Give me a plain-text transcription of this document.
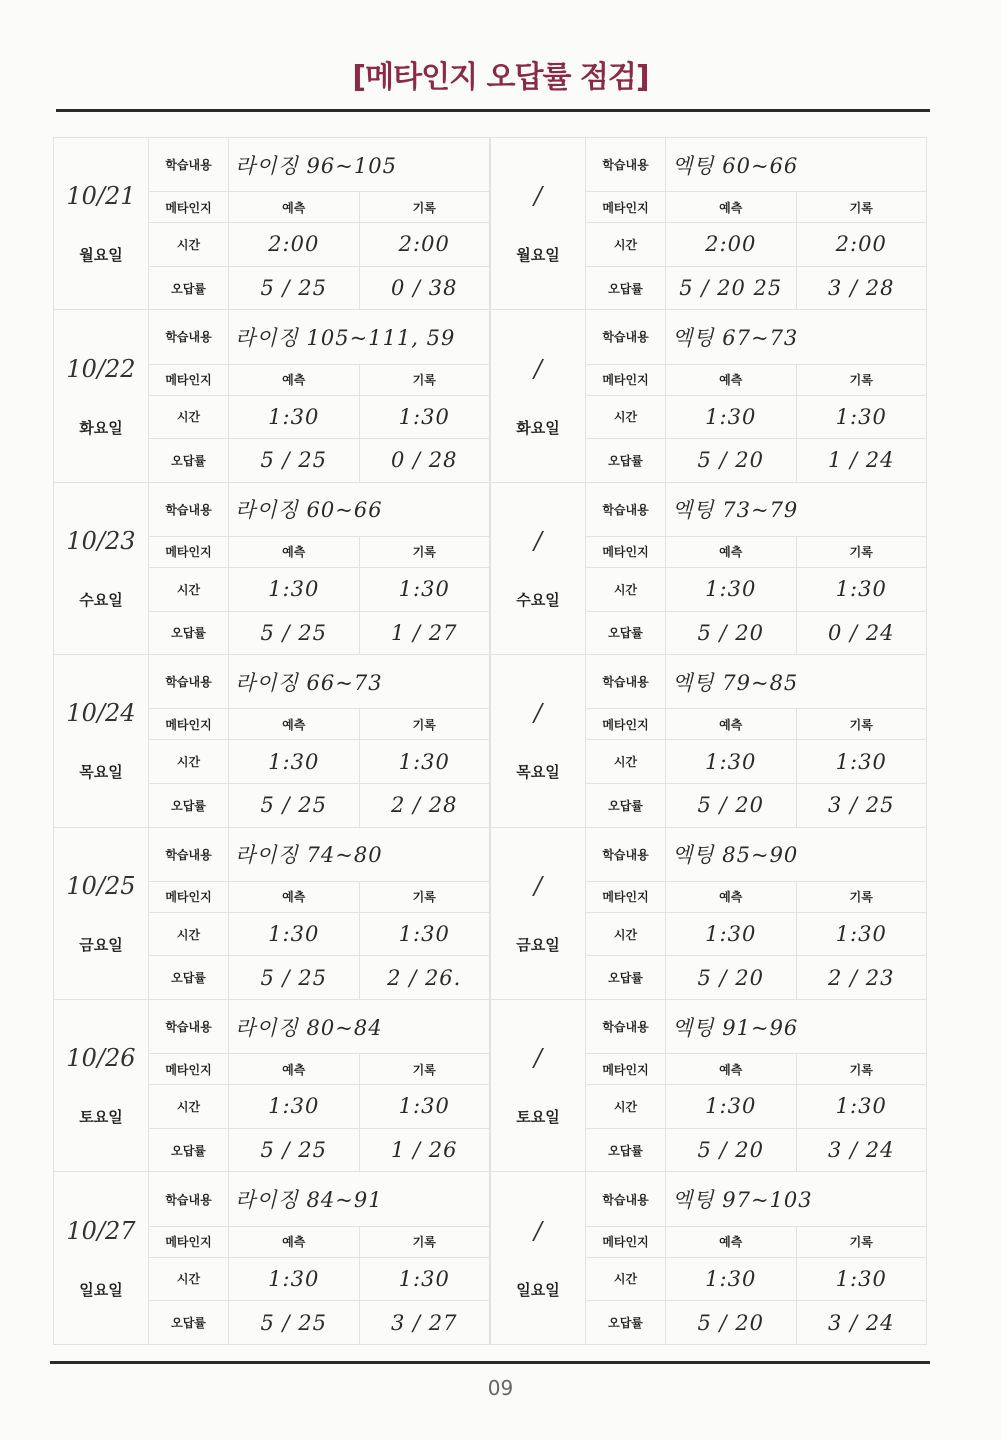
[메타인지 오답률 점검]
10/21
월요일	학습내용	라이징 96~105	
	메타인지	예측	기록
	시간	2:00	2:00
	오답률	5 / 25	0 / 38

10/22
화요일	학습내용	라이징 105~111, 59	
	메타인지	예측	기록
	시간	1:30	1:30
	오답률	5 / 25	0 / 28

10/23
수요일	학습내용	라이징 60~66	
	메타인지	예측	기록
	시간	1:30	1:30
	오답률	5 / 25	1 / 27

10/24
목요일	학습내용	라이징 66~73	
	메타인지	예측	기록
	시간	1:30	1:30
	오답률	5 / 25	2 / 28

10/25
금요일	학습내용	라이징 74~80	
	메타인지	예측	기록
	시간	1:30	1:30
	오답률	5 / 25	2 / 26.

10/26
토요일	학습내용	라이징 80~84	
	메타인지	예측	기록
	시간	1:30	1:30
	오답률	5 / 25	1 / 26

10/27
일요일	학습내용	라이징 84~91	
	메타인지	예측	기록
	시간	1:30	1:30
	오답률	5 / 25	3 / 27
/
월요일	학습내용	엑팅 60~66	
	메타인지	예측	기록
	시간	2:00	2:00
	오답률	5 / 20 25	3 / 28

/
화요일	학습내용	엑팅 67~73	
	메타인지	예측	기록
	시간	1:30	1:30
	오답률	5 / 20	1 / 24

/
수요일	학습내용	엑팅 73~79	
	메타인지	예측	기록
	시간	1:30	1:30
	오답률	5 / 20	0 / 24

/
목요일	학습내용	엑팅 79~85	
	메타인지	예측	기록
	시간	1:30	1:30
	오답률	5 / 20	3 / 25

/
금요일	학습내용	엑팅 85~90	
	메타인지	예측	기록
	시간	1:30	1:30
	오답률	5 / 20	2 / 23

/
토요일	학습내용	엑팅 91~96	
	메타인지	예측	기록
	시간	1:30	1:30
	오답률	5 / 20	3 / 24

/
일요일	학습내용	엑팅 97~103	
	메타인지	예측	기록
	시간	1:30	1:30
	오답률	5 / 20	3 / 24
09
